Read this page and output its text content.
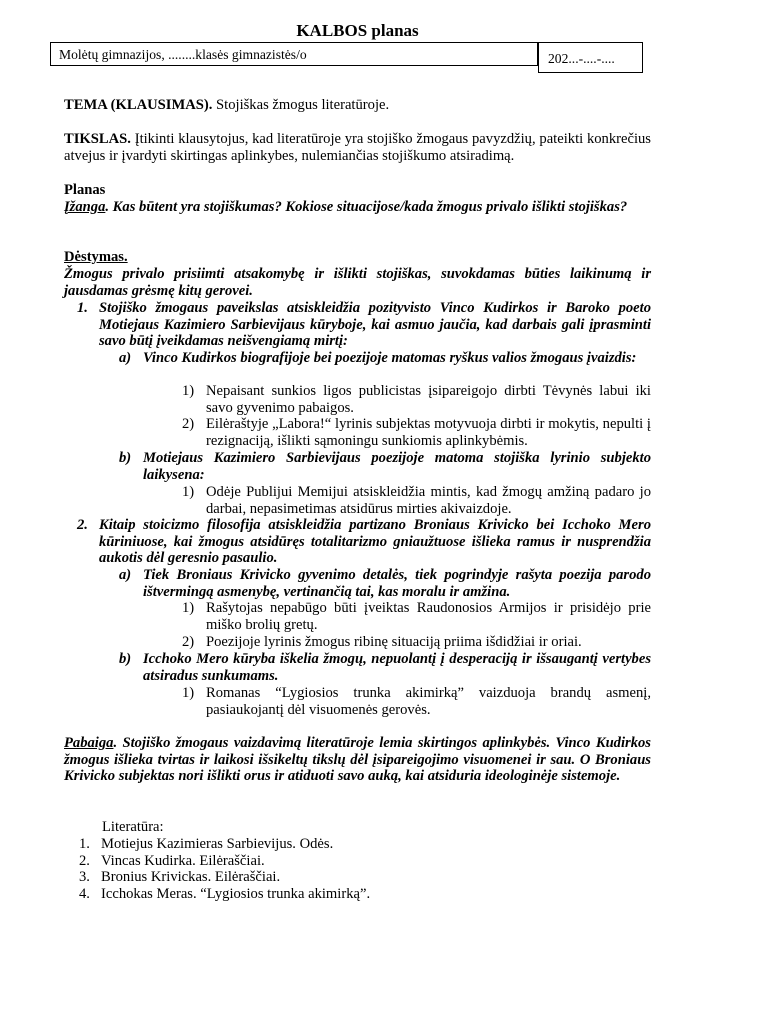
KALBOS planas
Molėtų gimnazijos, ........klasės gimnazistės/o	202...-....-....
TEMA (KLAUSIMAS). Stojiškas žmogus literatūroje.
TIKSLAS. Įtikinti klausytojus, kad literatūroje yra stojiško žmogaus pavyzdžių, pateikti konkrečius atvejus ir įvardyti skirtingas aplinkybes, nulemiančias stojiškumo atsiradimą.
Planas
Įžanga. Kas būtent yra stojiškumas? Kokiose situacijose/kada žmogus privalo išlikti stojiškas?
Dėstymas.
Žmogus privalo prisiimti atsakomybę ir išlikti stojiškas, suvokdamas būties laikinumą ir jausdamas grėsmę kitų gerovei.
1. Stojiško žmogaus paveikslas atsiskleidžia pozityvisto Vinco Kudirkos ir Baroko poeto Motiejaus Kazimiero Sarbievijaus kūryboje, kai asmuo jaučia, kad darbais gali įprasminti savo būtį įveikdamas neišvengiamą mirtį:
a) Vinco Kudirkos biografijoje bei poezijoje matomas ryškus valios žmogaus įvaizdis:
1) Nepaisant sunkios ligos publicistas įsipareigojo dirbti Tėvynės labui iki savo gyvenimo pabaigos.
2) Eilėraštyje „Labora!“ lyrinis subjektas motyvuoja dirbti ir mokytis, nepulti į rezignaciją, išlikti sąmoningu sunkiomis aplinkybėmis.
b) Motiejaus Kazimiero Sarbievijaus poezijoje matoma stojiška lyrinio subjekto laikysena:
1) Odėje Publijui Memijui atsiskleidžia mintis, kad žmogų amžiną padaro jo darbai, nepasimetimas atsidūrus mirties akivaizdoje.
2. Kitaip stoicizmo filosofija atsiskleidžia partizano Broniaus Krivicko bei Icchoko Mero kūriniuose, kai žmogus atsidūręs totalitarizmo gniaužtuose išlieka ramus ir nusprendžia aukotis dėl geresnio pasaulio.
a) Tiek Broniaus Krivicko gyvenimo detalės, tiek pogrindyje rašyta poezija parodo ištvermingą asmenybę, vertinančią tai, kas moralu ir amžina.
1) Rašytojas nepabūgo būti įveiktas Raudonosios Armijos ir prisidėjo prie miško brolių gretų.
2) Poezijoje lyrinis žmogus ribinę situaciją priima išdidžiai ir oriai.
b) Icchoko Mero kūryba iškelia žmogų, nepuolantį į desperaciją ir išsaugantį vertybes atsiradus sunkumams.
1) Romanas “Lygiosios trunka akimirką” vaizduoja brandų asmenį, pasiaukojantį dėl visuomenės gerovės.
Pabaiga. Stojiško žmogaus vaizdavimą literatūroje lemia skirtingos aplinkybės. Vinco Kudirkos žmogus išlieka tvirtas ir laikosi išsikeltų tikslų dėl įsipareigojimo visuomenei ir sau. O Broniaus Krivicko subjektas nori išlikti orus ir atiduoti savo auką, kai atsiduria ideologinėje sistemoje.
Literatūra:
1. Motiejus Kazimieras Sarbievijus. Odės.
2. Vincas Kudirka. Eilėraščiai.
3. Bronius Krivickas. Eilėraščiai.
4. Icchokas Meras. “Lygiosios trunka akimirką”.
